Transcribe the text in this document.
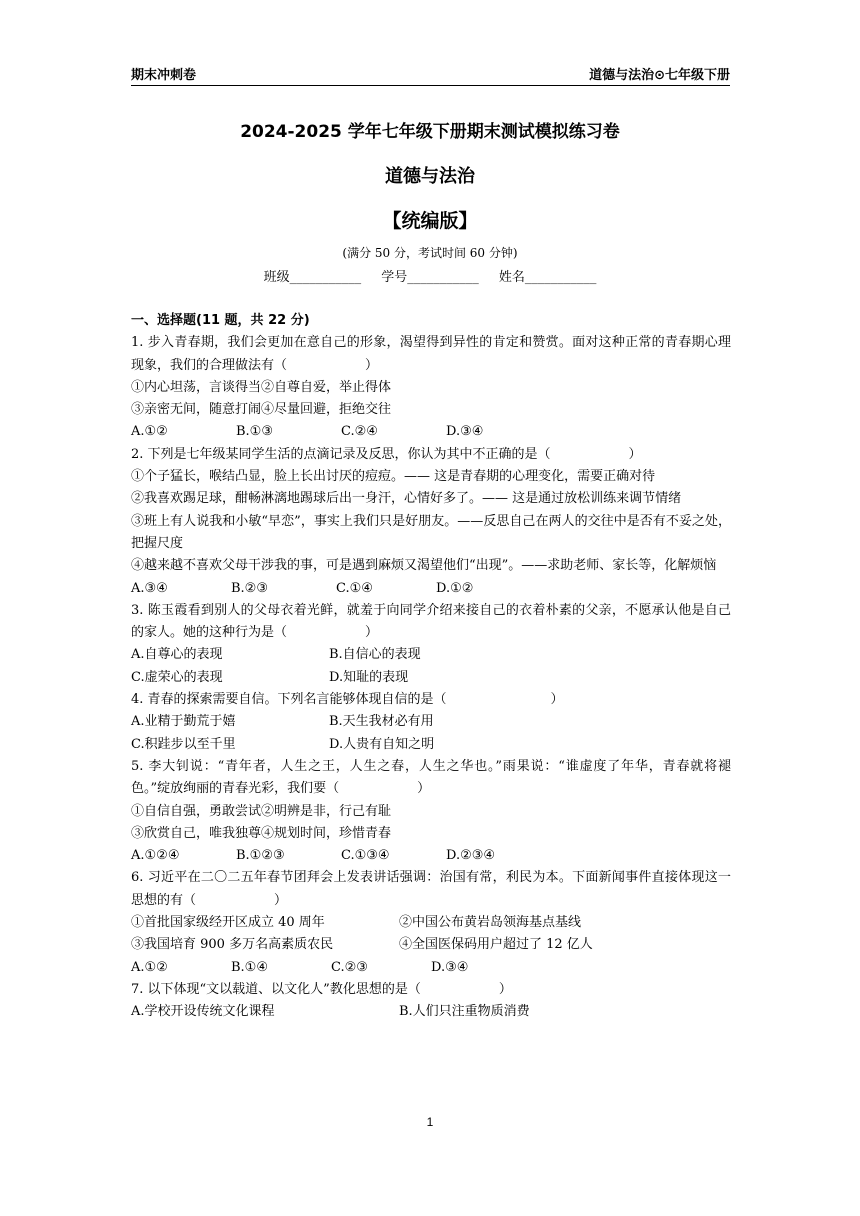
期末冲刺卷	道德与法治⊙七年级下册
2024-2025 学年七年级下册期末测试模拟练习卷
道德与法治
【统编版】
(满分 50 分，考试时间 60 分钟)
班级___________ 学号___________ 姓名___________
一、选择题(11 题，共 22 分)
1. 步入青春期，我们会更加在意自己的形象，渴望得到异性的肯定和赞赏。面对这种正常的青春期心理现象，我们的合理做法有（　　　　　　）
①内心坦荡，言谈得当②自尊自爱，举止得体
③亲密无间，随意打闹④尽量回避，拒绝交往
A.①②	B.①③	C.②④	D.③④
2. 下列是七年级某同学生活的点滴记录及反思，你认为其中不正确的是（　　　　　　）
①个子猛长，喉结凸显，脸上长出讨厌的痘痘。—— 这是青春期的心理变化，需要正确对待
②我喜欢踢足球，酣畅淋漓地踢球后出一身汗，心情好多了。—— 这是通过放松训练来调节情绪
③班上有人说我和小敏“早恋”，事实上我们只是好朋友。——反思自己在两人的交往中是否有不妥之处，把握尺度
④越来越不喜欢父母干涉我的事，可是遇到麻烦又渴望他们“出现”。——求助老师、家长等，化解烦恼
A.③④	B.②③	C.①④	D.①②
3. 陈玉霞看到别人的父母衣着光鲜，就羞于向同学介绍来接自己的衣着朴素的父亲，不愿承认他是自己的家人。她的这种行为是（　　　　　　）
A.自尊心的表现	B.自信心的表现
C.虚荣心的表现	D.知耻的表现
4. 青春的探索需要自信。下列名言能够体现自信的是（　　　　　　　　）
A.业精于勤荒于嬉	B.天生我材必有用
C.积跬步以至千里	D.人贵有自知之明
5. 李大钊说：“青年者，人生之王，人生之春，人生之华也。”雨果说：“谁虚度了年华，青春就将褪色。”绽放绚丽的青春光彩，我们要（　　　　　　）
①自信自强，勇敢尝试②明辨是非，行己有耻
③欣赏自己，唯我独尊④规划时间，珍惜青春
A.①②④	B.①②③	C.①③④	D.②③④
6. 习近平在二〇二五年春节团拜会上发表讲话强调：治国有常，利民为本。下面新闻事件直接体现这一思想的有（　　　　　　）
①首批国家级经开区成立 40 周年	②中国公布黄岩岛领海基点基线
③我国培育 900 多万名高素质农民	④全国医保码用户超过了 12 亿人
A.①②	B.①④	C.②③	D.③④
7. 以下体现“文以载道、以文化人”教化思想的是（　　　　　　）
A.学校开设传统文化课程	B.人们只注重物质消费
1
